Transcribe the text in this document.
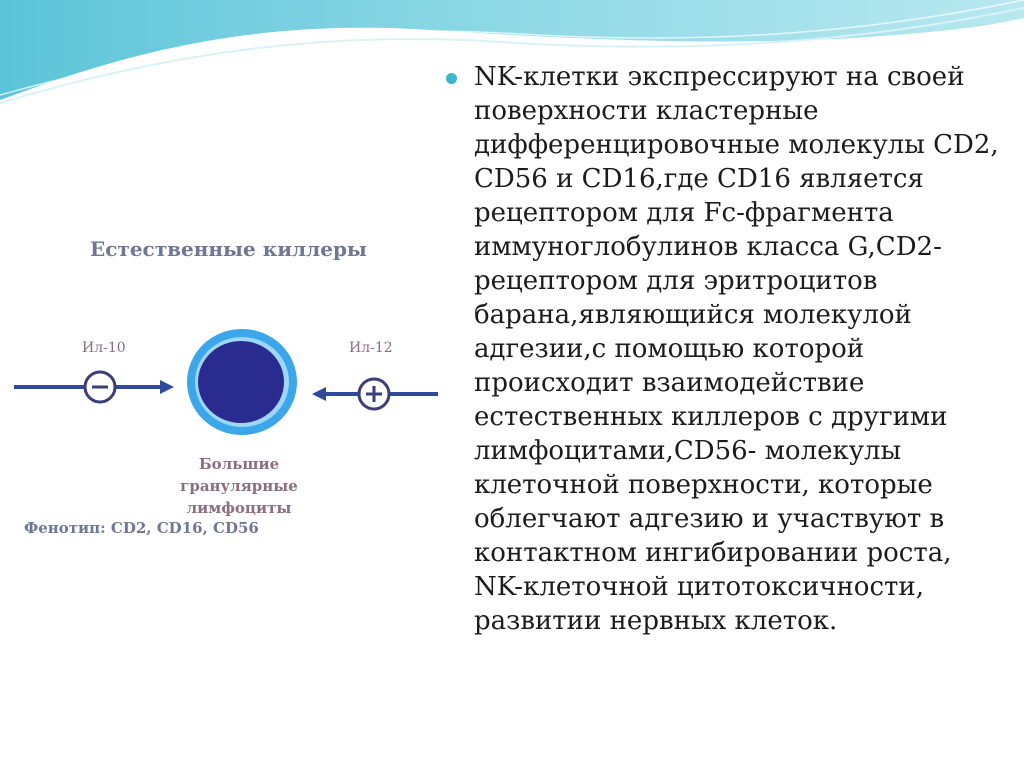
Естественные киллеры
Ил-10	Ил-12
Большие гранулярные лимфоциты
Фенотип: CD2, CD16, CD56

NK-клетки экспрессируют на своей поверхности кластерные дифференцировочные молекулы CD2, CD56 и CD16,где CD16 является рецептором для Fc-фрагмента иммуноглобулинов класса G,CD2-рецептором для эритроцитов барана,являющийся молекулой адгезии,с помощью которой происходит взаимодействие естественных киллеров с другими лимфоцитами,CD56- молекулы клеточной поверхности, которые облегчают адгезию и участвуют в контактном ингибировании роста, NK-клеточной цитотоксичности, развитии нервных клеток.
